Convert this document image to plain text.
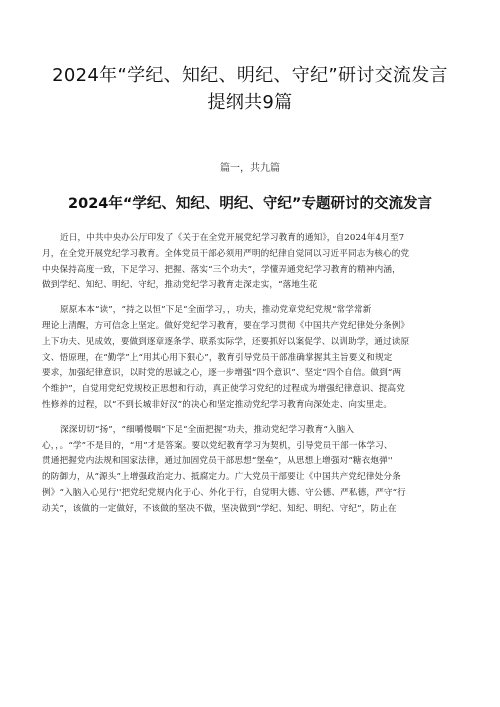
2024年“学纪、知纪、明纪、守纪”研讨交流发言
提纲共9篇
篇一，共九篇
2024年“学纪、知纪、明纪、守纪”专题研讨的交流发言
近日，中共中央办公厅印发了《关于在全党开展党纪学习教育的通知》，自2024年4月至7
月，在全党开展党纪学习教育。全体党员干部必须用严明的纪律自觉同以习近平同志为核心的党
中央保持高度一致，下足学习、把握、落实“三个功夫”，学懂弄通党纪学习教育的精神内涵，
做到学纪、知纪、明纪、守纪，推动党纪学习教育走深走实，“落地生花
原原本本“读”，“持之以恒”下足“全面学习，，功夫，推动党章党纪党规“常学常新
理论上清醒，方可信念上坚定。做好党纪学习教育，要在学习贯彻《中国共产党纪律处分条例》
上下功夫、见成效，要做到逐章逐条学、联系实际学，还要抓好以案促学、以训助学，通过读原
文、悟原理，在“勤学”上“用其心用下狠心”，教育引导党员干部准确掌握其主旨要义和规定
要求，加强纪律意识，以时党的思诚之心，逐一步增强“四个意识”、坚定“四个自信。做到“两
个维护”，自觉用党纪党规校正思想和行动，真正使学习党纪的过程成为增强纪律意识、提高党
性修养的过程，以“不到长城非好汉”的决心和坚定推动党纪学习教育向深处走、向实里走。
深深切切“扬”，“细嚼慢咽”下足“全面把握”功夫，推动党纪学习教育“入脑入
心，，。“学”不是目的，“用”才是答案。要以党纪教育学习为契机，引导党员干部一体学习、
贯通把握党内法规和国家法律，通过加固党员干部思想“堡垒”，从思想上增强对“糖衣炮弹''
的防御力，从“源头”上增强政治定力、抵腐定力。广大党员干部要让《中国共产党纪律处分条
例》“入脑入心见行''把党纪党规内化于心、外化于行，自觉明大德、守公德、严私德，严守“行
动关”，该做的一定做好，不该做的坚决不做，坚决做到“学纪、知纪、明纪、守纪”，防止在
